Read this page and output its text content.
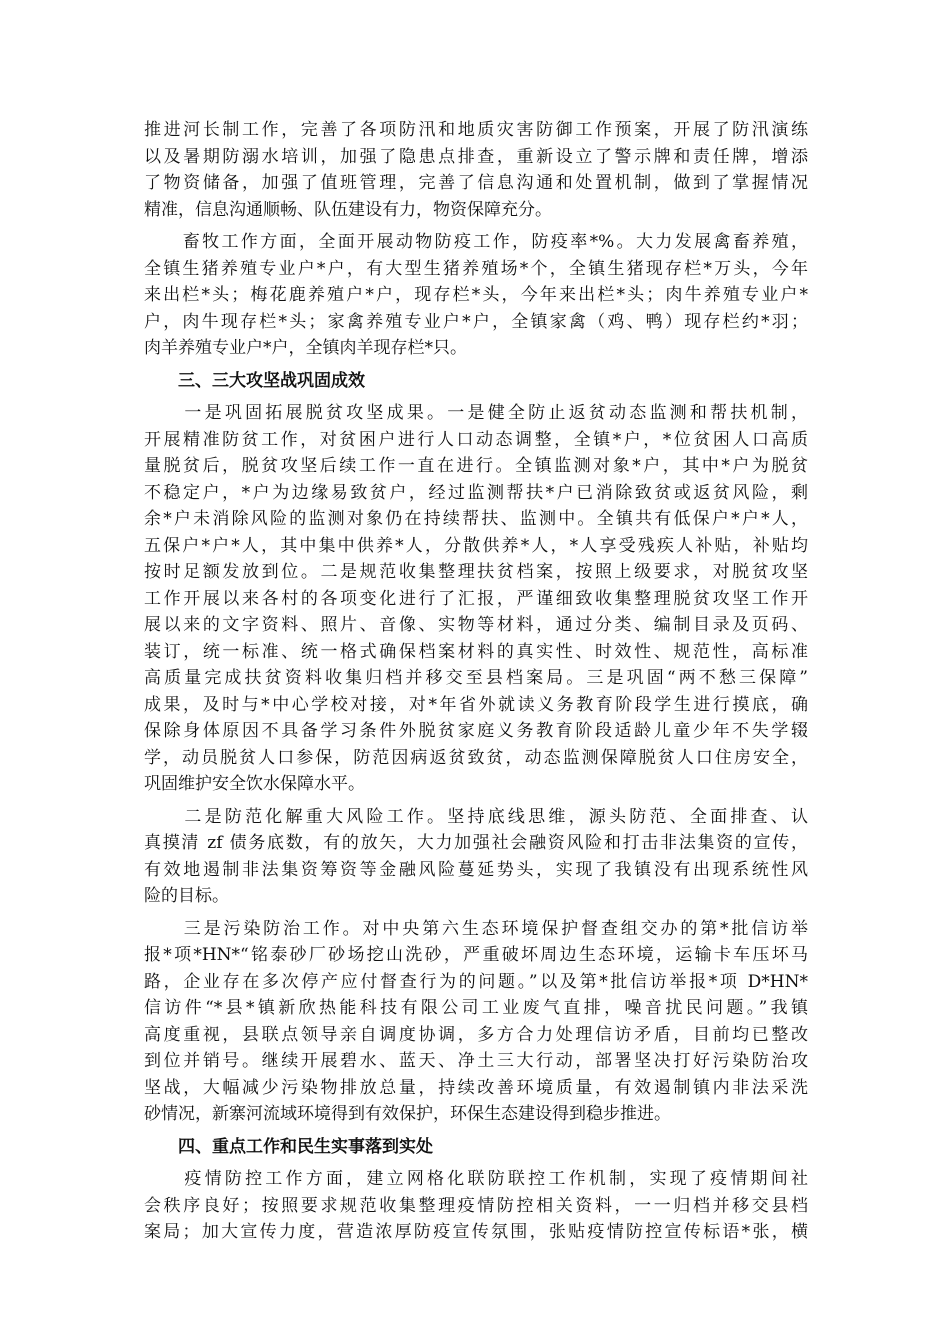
推进河长制工作，完善了各项防汛和地质灾害防御工作预案，开展了防汛演练
以及暑期防溺水培训，加强了隐患点排查，重新设立了警示牌和责任牌，增添
了物资储备，加强了值班管理，完善了信息沟通和处置机制，做到了掌握情况
精准，信息沟通顺畅、队伍建设有力，物资保障充分。
　　畜牧工作方面，全面开展动物防疫工作，防疫率*%。大力发展禽畜养殖，
全镇生猪养殖专业户*户，有大型生猪养殖场*个，全镇生猪现存栏*万头，今年
来出栏*头；梅花鹿养殖户*户，现存栏*头，今年来出栏*头；肉牛养殖专业户*
户，肉牛现存栏*头；家禽养殖专业户*户，全镇家禽（鸡、鸭）现存栏约*羽；
肉羊养殖专业户*户，全镇肉羊现存栏*只。
　　三、三大攻坚战巩固成效
　　一是巩固拓展脱贫攻坚成果。一是健全防止返贫动态监测和帮扶机制，
开展精准防贫工作，对贫困户进行人口动态调整，全镇*户，*位贫困人口高质
量脱贫后，脱贫攻坚后续工作一直在进行。全镇监测对象*户，其中*户为脱贫
不稳定户，*户为边缘易致贫户，经过监测帮扶*户已消除致贫或返贫风险，剩
余*户未消除风险的监测对象仍在持续帮扶、监测中。全镇共有低保户*户*人，
五保户*户*人，其中集中供养*人，分散供养*人，*人享受残疾人补贴，补贴均
按时足额发放到位。二是规范收集整理扶贫档案，按照上级要求，对脱贫攻坚
工作开展以来各村的各项变化进行了汇报，严谨细致收集整理脱贫攻坚工作开
展以来的文字资料、照片、音像、实物等材料，通过分类、编制目录及页码、
装订，统一标准、统一格式确保档案材料的真实性、时效性、规范性，高标准
高质量完成扶贫资料收集归档并移交至县档案局。三是巩固“两不愁三保障”
成果，及时与*中心学校对接，对*年省外就读义务教育阶段学生进行摸底，确
保除身体原因不具备学习条件外脱贫家庭义务教育阶段适龄儿童少年不失学辍
学，动员脱贫人口参保，防范因病返贫致贫，动态监测保障脱贫人口住房安全，
巩固维护安全饮水保障水平。
　　二是防范化解重大风险工作。坚持底线思维，源头防范、全面排查、认
真摸清 zf 债务底数，有的放矢，大力加强社会融资风险和打击非法集资的宣传，
有效地遏制非法集资筹资等金融风险蔓延势头，实现了我镇没有出现系统性风
险的目标。
　　三是污染防治工作。对中央第六生态环境保护督查组交办的第*批信访举
报*项*HN*“铭泰砂厂砂场挖山洗砂，严重破坏周边生态环境，运输卡车压坏马
路，企业存在多次停产应付督查行为的问题。”以及第*批信访举报*项 D*HN*
信访件“*县*镇新欣热能科技有限公司工业废气直排，噪音扰民问题。”我镇
高度重视，县联点领导亲自调度协调，多方合力处理信访矛盾，目前均已整改
到位并销号。继续开展碧水、蓝天、净土三大行动，部署坚决打好污染防治攻
坚战，大幅减少污染物排放总量，持续改善环境质量，有效遏制镇内非法采洗
砂情况，新寨河流域环境得到有效保护，环保生态建设得到稳步推进。
　　四、重点工作和民生实事落到实处
　　疫情防控工作方面，建立网格化联防联控工作机制，实现了疫情期间社
会秩序良好；按照要求规范收集整理疫情防控相关资料，一一归档并移交县档
案局；加大宣传力度，营造浓厚防疫宣传氛围，张贴疫情防控宣传标语*张，横
